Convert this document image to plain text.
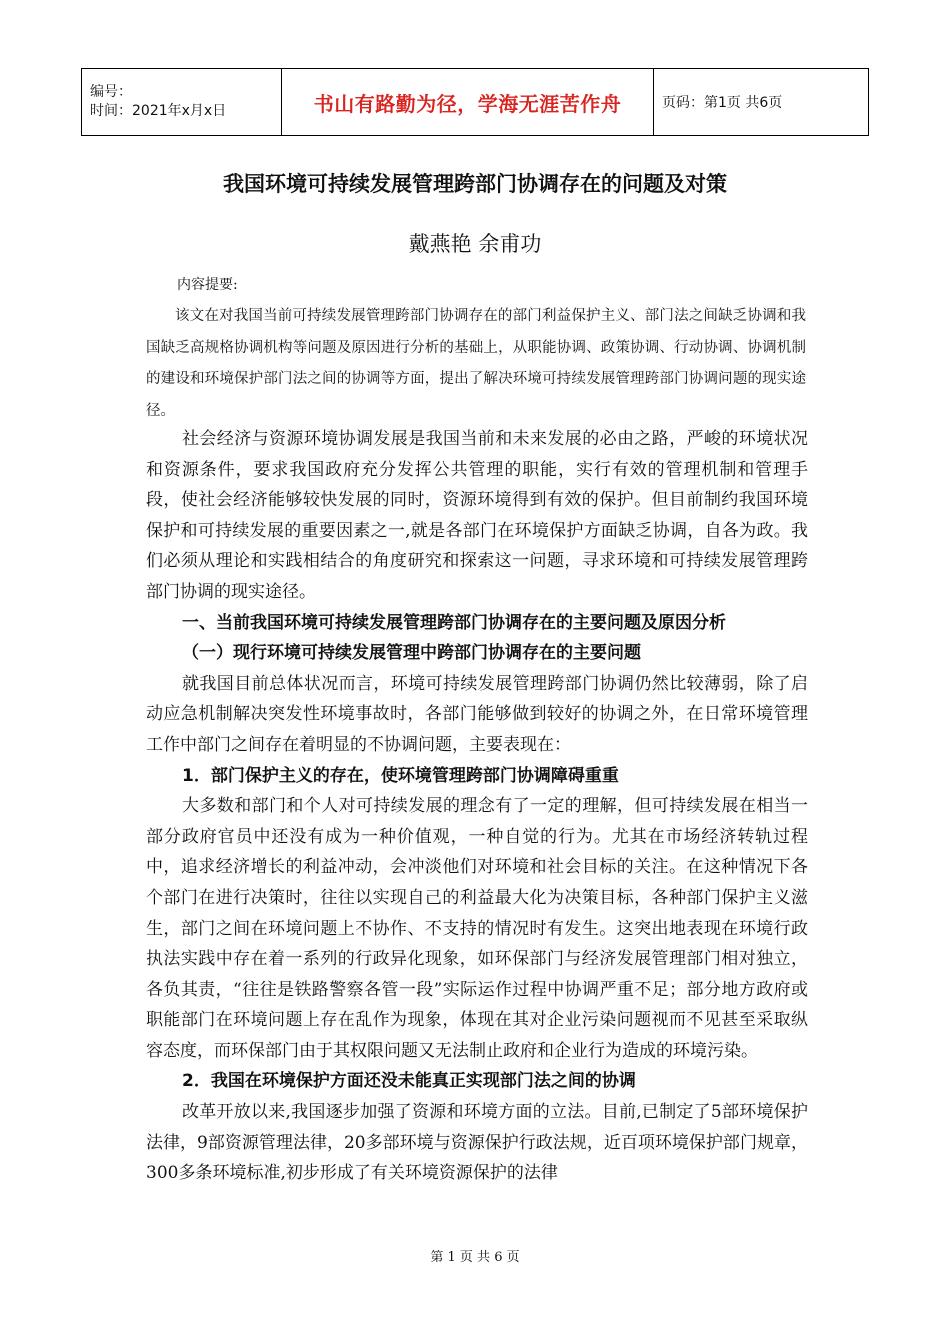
编号：
时间：2021年x月x日	书山有路勤为径，学海无涯苦作舟	页码：第1页 共6页
我国环境可持续发展管理跨部门协调存在的问题及对策
戴燕艳 余甫功
内容提要:

该文在对我国当前可持续发展管理跨部门协调存在的部门利益保护主义、部门法之间缺乏协调和我国缺乏高规格协调机构等问题及原因进行分析的基础上，从职能协调、政策协调、行动协调、协调机制的建设和环境保护部门法之间的协调等方面，提出了解决环境可持续发展管理跨部门协调问题的现实途径。

社会经济与资源环境协调发展是我国当前和未来发展的必由之路，严峻的环境状况和资源条件，要求我国政府充分发挥公共管理的职能，实行有效的管理机制和管理手段，使社会经济能够较快发展的同时，资源环境得到有效的保护。但目前制约我国环境保护和可持续发展的重要因素之一,就是各部门在环境保护方面缺乏协调，自各为政。我们必须从理论和实践相结合的角度研究和探索这一问题，寻求环境和可持续发展管理跨部门协调的现实途径。

一、当前我国环境可持续发展管理跨部门协调存在的主要问题及原因分析
（一）现行环境可持续发展管理中跨部门协调存在的主要问题

就我国目前总体状况而言，环境可持续发展管理跨部门协调仍然比较薄弱，除了启动应急机制解决突发性环境事故时，各部门能够做到较好的协调之外，在日常环境管理工作中部门之间存在着明显的不协调问题，主要表现在：

1．部门保护主义的存在，使环境管理跨部门协调障碍重重

大多数和部门和个人对可持续发展的理念有了一定的理解，但可持续发展在相当一部分政府官员中还没有成为一种价值观，一种自觉的行为。尤其在市场经济转轨过程中，追求经济增长的利益冲动，会冲淡他们对环境和社会目标的关注。在这种情况下各个部门在进行决策时，往往以实现自己的利益最大化为决策目标，各种部门保护主义滋生，部门之间在环境问题上不协作、不支持的情况时有发生。这突出地表现在环境行政执法实践中存在着一系列的行政异化现象，如环保部门与经济发展管理部门相对独立，各负其责，“往往是铁路警察各管一段”实际运作过程中协调严重不足；部分地方政府或职能部门在环境问题上存在乱作为现象，体现在其对企业污染问题视而不见甚至采取纵容态度，而环保部门由于其权限问题又无法制止政府和企业行为造成的环境污染。

2．我国在环境保护方面还没未能真正实现部门法之间的协调

改革开放以来,我国逐步加强了资源和环境方面的立法。目前,已制定了5部环境保护法律，9部资源管理法律，20多部环境与资源保护行政法规，近百项环境保护部门规章，300多条环境标准,初步形成了有关环境资源保护的法律

第 1 页 共 6 页
